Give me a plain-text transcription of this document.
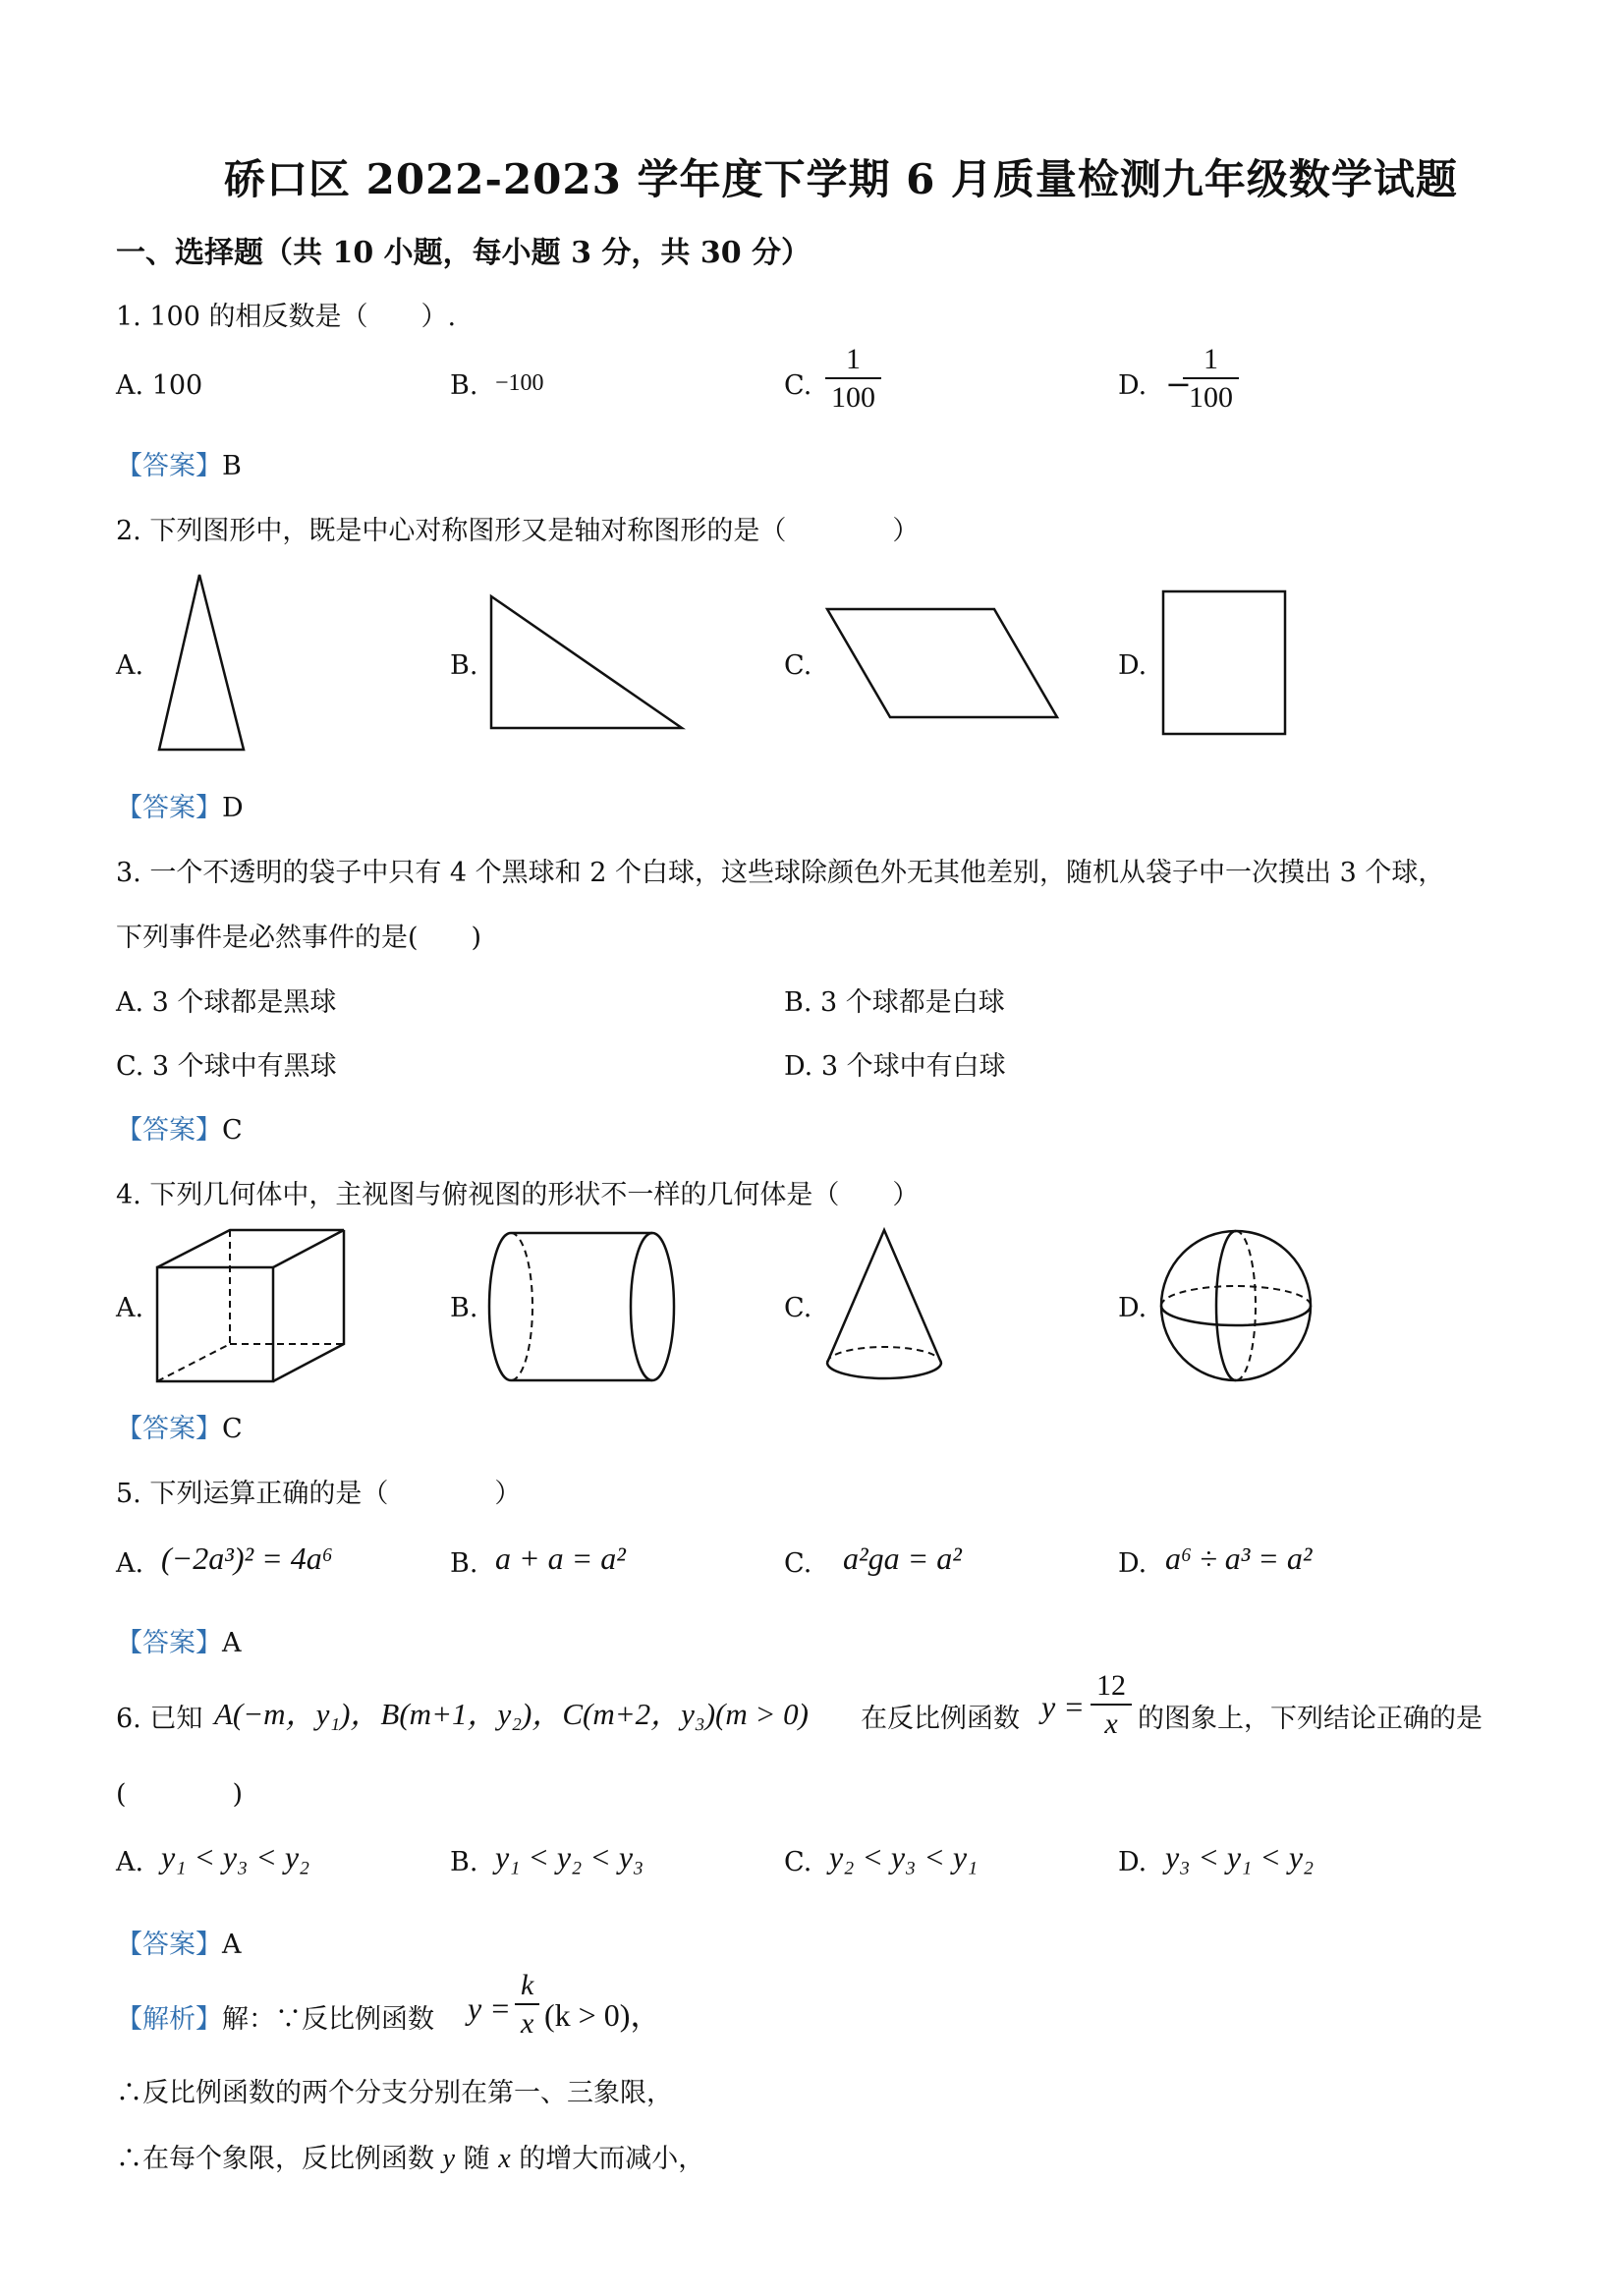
硚口区 2022-2023 学年度下学期 6 月质量检测九年级数学试题
一、选择题（共 10 小题，每小题 3 分，共 30 分）
1. 100 的相反数是（　　）.
A. 100	B. −100	C. $\frac{1}{100}$	D. −
$\frac{1}{100}$
【答案】B
2. 下列图形中，既是中心对称图形又是轴对称图形的是（　　　　）
A.	B.	C.	D.
【答案】D
3. 一个不透明的袋子中只有 4 个黑球和 2 个白球，这些球除颜色外无其他差别，随机从袋子中一次摸出 3 个球，
下列事件是必然事件的是(　　)
A. 3 个球都是黑球	B. 3 个球都是白球
C. 3 个球中有黑球	D. 3 个球中有白球
【答案】C
4. 下列几何体中，主视图与俯视图的形状不一样的几何体是（　　）
A.	B.	C.	D.
【答案】C
5. 下列运算正确的是（　　　　）
A. (−2a³)² = 4a⁶	B. a + a = a²	C. a²ga = a²	D. a⁶ ÷ a³ = a²
【答案】A
6. 已知 A(−m，y₁)，B(m+1，y₂)，C(m+2，y₃)(m > 0) 在反比例函数 $y = \frac{12}{x}$ 的图象上，下列结论正确的是
(　　　　)
A. y₁ < y₃ < y₂	B. y₁ < y₂ < y₃	C. y₂ < y₃ < y₁	D. y₃ < y₁ < y₂
【答案】A
【解析】解：∵反比例函数 $y = \frac{k}{x} (k > 0)$，
∴反比例函数的两个分支分别在第一、三象限，
∴在每个象限，反比例函数 y 随 x 的增大而减小，
